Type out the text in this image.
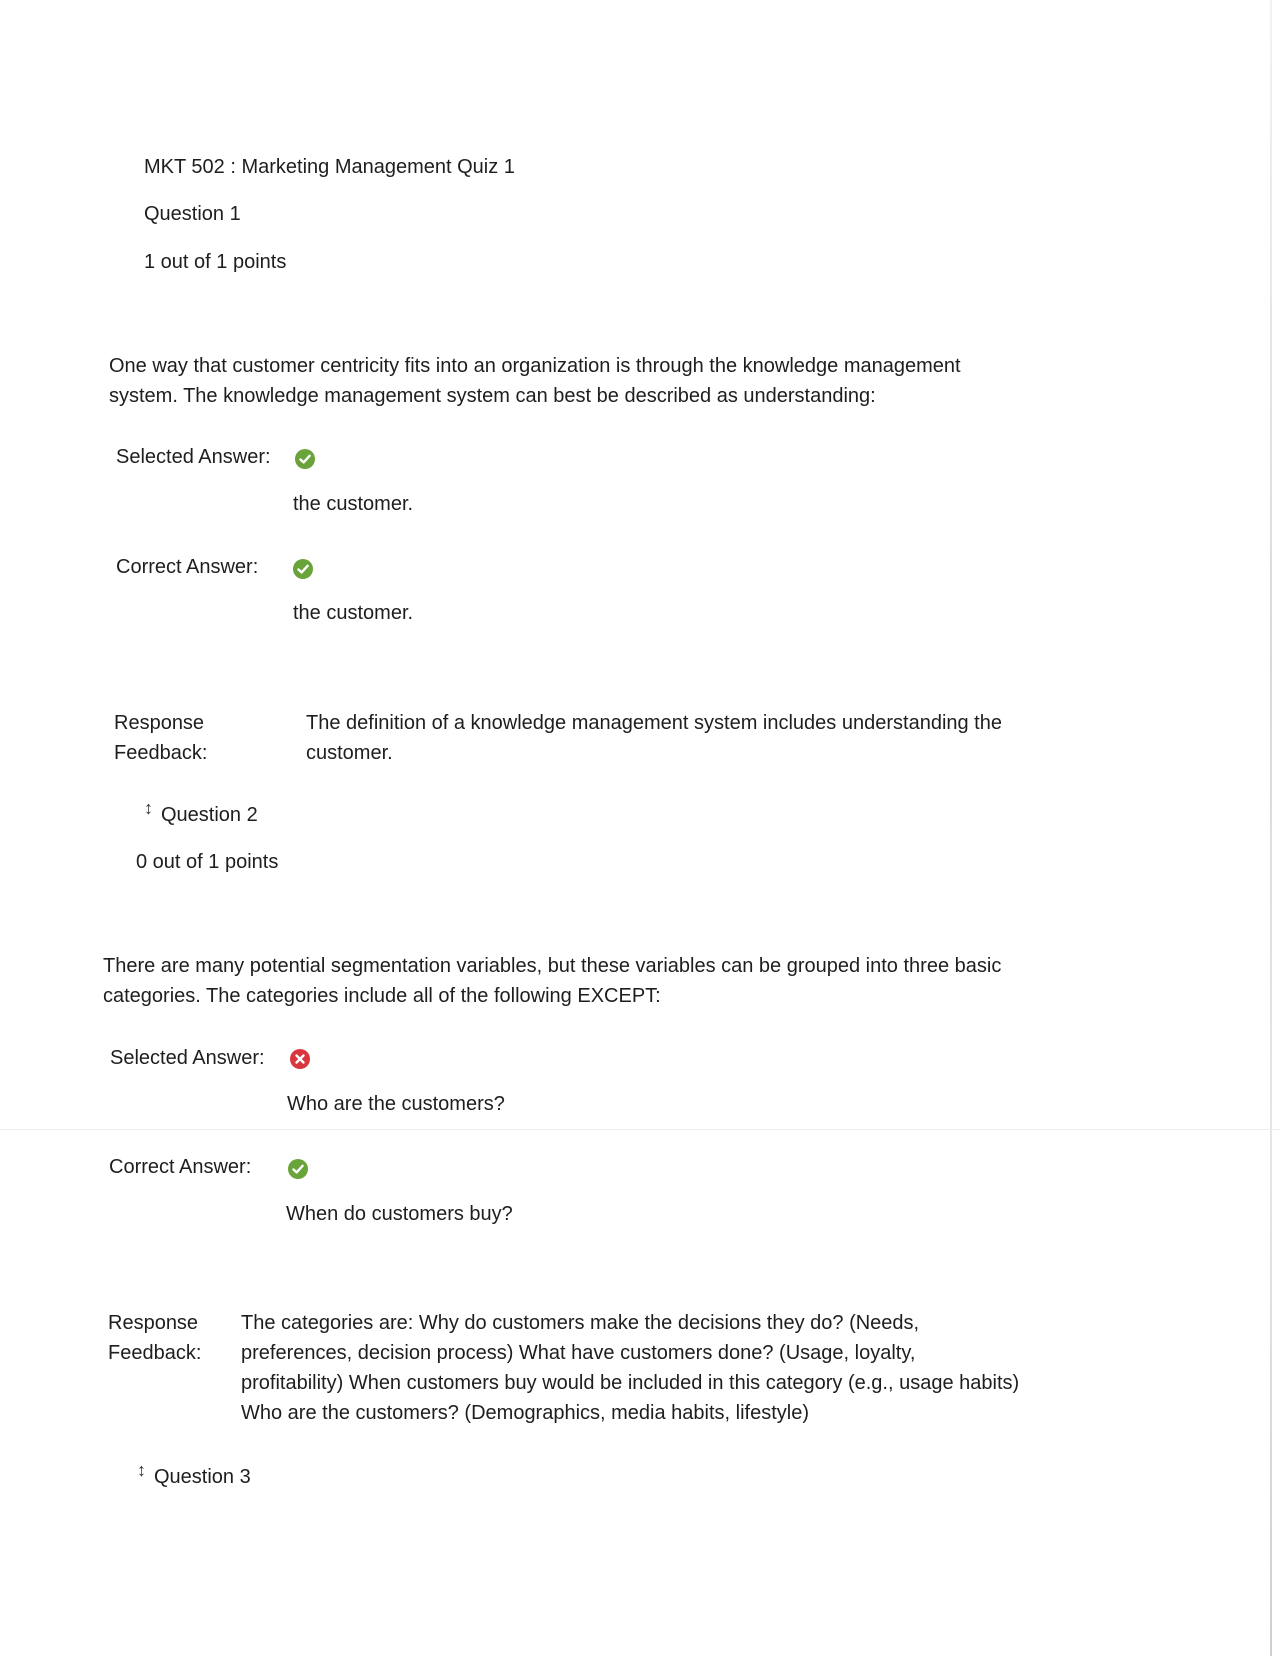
MKT 502 : Marketing Management Quiz 1
Question 1
1 out of 1 points
One way that customer centricity fits into an organization is through the knowledge management system. The knowledge management system can best be described as understanding:
Selected Answer:
the customer.
Correct Answer:
the customer.
Response
Feedback:
The definition of a knowledge management system includes understanding the customer.
↕ Question 2
0 out of 1 points
There are many potential segmentation variables, but these variables can be grouped into three basic categories. The categories include all of the following EXCEPT:
Selected Answer:
Who are the customers?
Correct Answer:
When do customers buy?
Response
Feedback:
The categories are: Why do customers make the decisions they do? (Needs, preferences, decision process) What have customers done? (Usage, loyalty, profitability) When customers buy would be included in this category (e.g., usage habits) Who are the customers? (Demographics, media habits, lifestyle)
↕ Question 3
